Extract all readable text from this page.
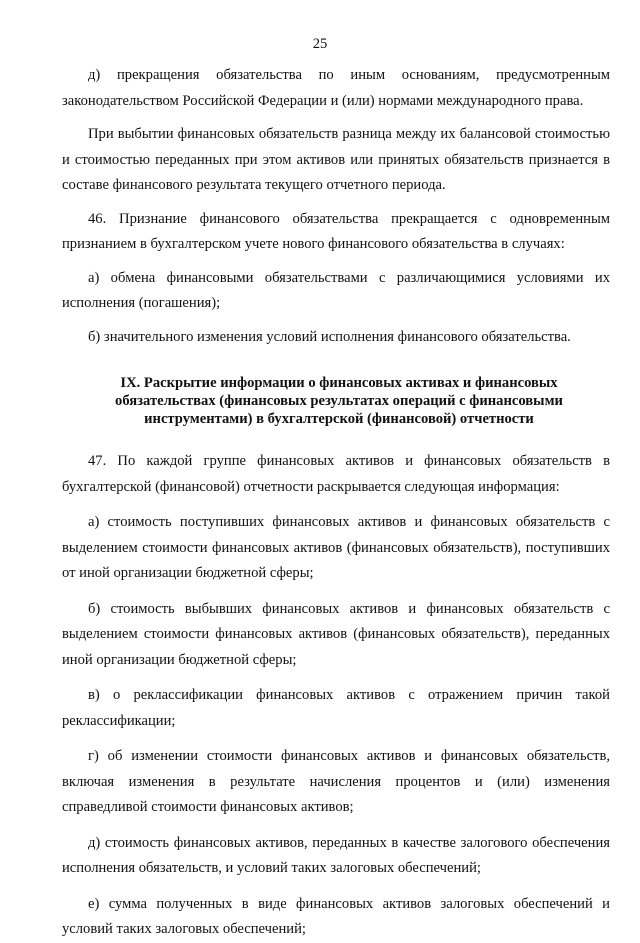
25

д) прекращения обязательства по иным основаниям, предусмотренным законодательством Российской Федерации и (или) нормами международного права.

При выбытии финансовых обязательств разница между их балансовой стоимостью и стоимостью переданных при этом активов или принятых обязательств признается в составе финансового результата текущего отчетного периода.

46. Признание финансового обязательства прекращается с одновременным признанием в бухгалтерском учете нового финансового обязательства в случаях:

а) обмена финансовыми обязательствами с различающимися условиями их исполнения (погашения);

б) значительного изменения условий исполнения финансового обязательства.

IX. Раскрытие информации о финансовых активах и финансовых обязательствах (финансовых результатах операций с финансовыми инструментами) в бухгалтерской (финансовой) отчетности

47. По каждой группе финансовых активов и финансовых обязательств в бухгалтерской (финансовой) отчетности раскрывается следующая информация:

а) стоимость поступивших финансовых активов и финансовых обязательств с выделением стоимости финансовых активов (финансовых обязательств), поступивших от иной организации бюджетной сферы;

б) стоимость выбывших финансовых активов и финансовых обязательств с выделением стоимости финансовых активов (финансовых обязательств), переданных иной организации бюджетной сферы;

в) о реклассификации финансовых активов с отражением причин такой реклассификации;

г) об изменении стоимости финансовых активов и финансовых обязательств, включая изменения в результате начисления процентов и (или) изменения справедливой стоимости финансовых активов;

д) стоимость финансовых активов, переданных в качестве залогового обеспечения исполнения обязательств, и условий таких залоговых обеспечений;

е) сумма полученных в виде финансовых активов залоговых обеспечений и условий таких залоговых обеспечений;
